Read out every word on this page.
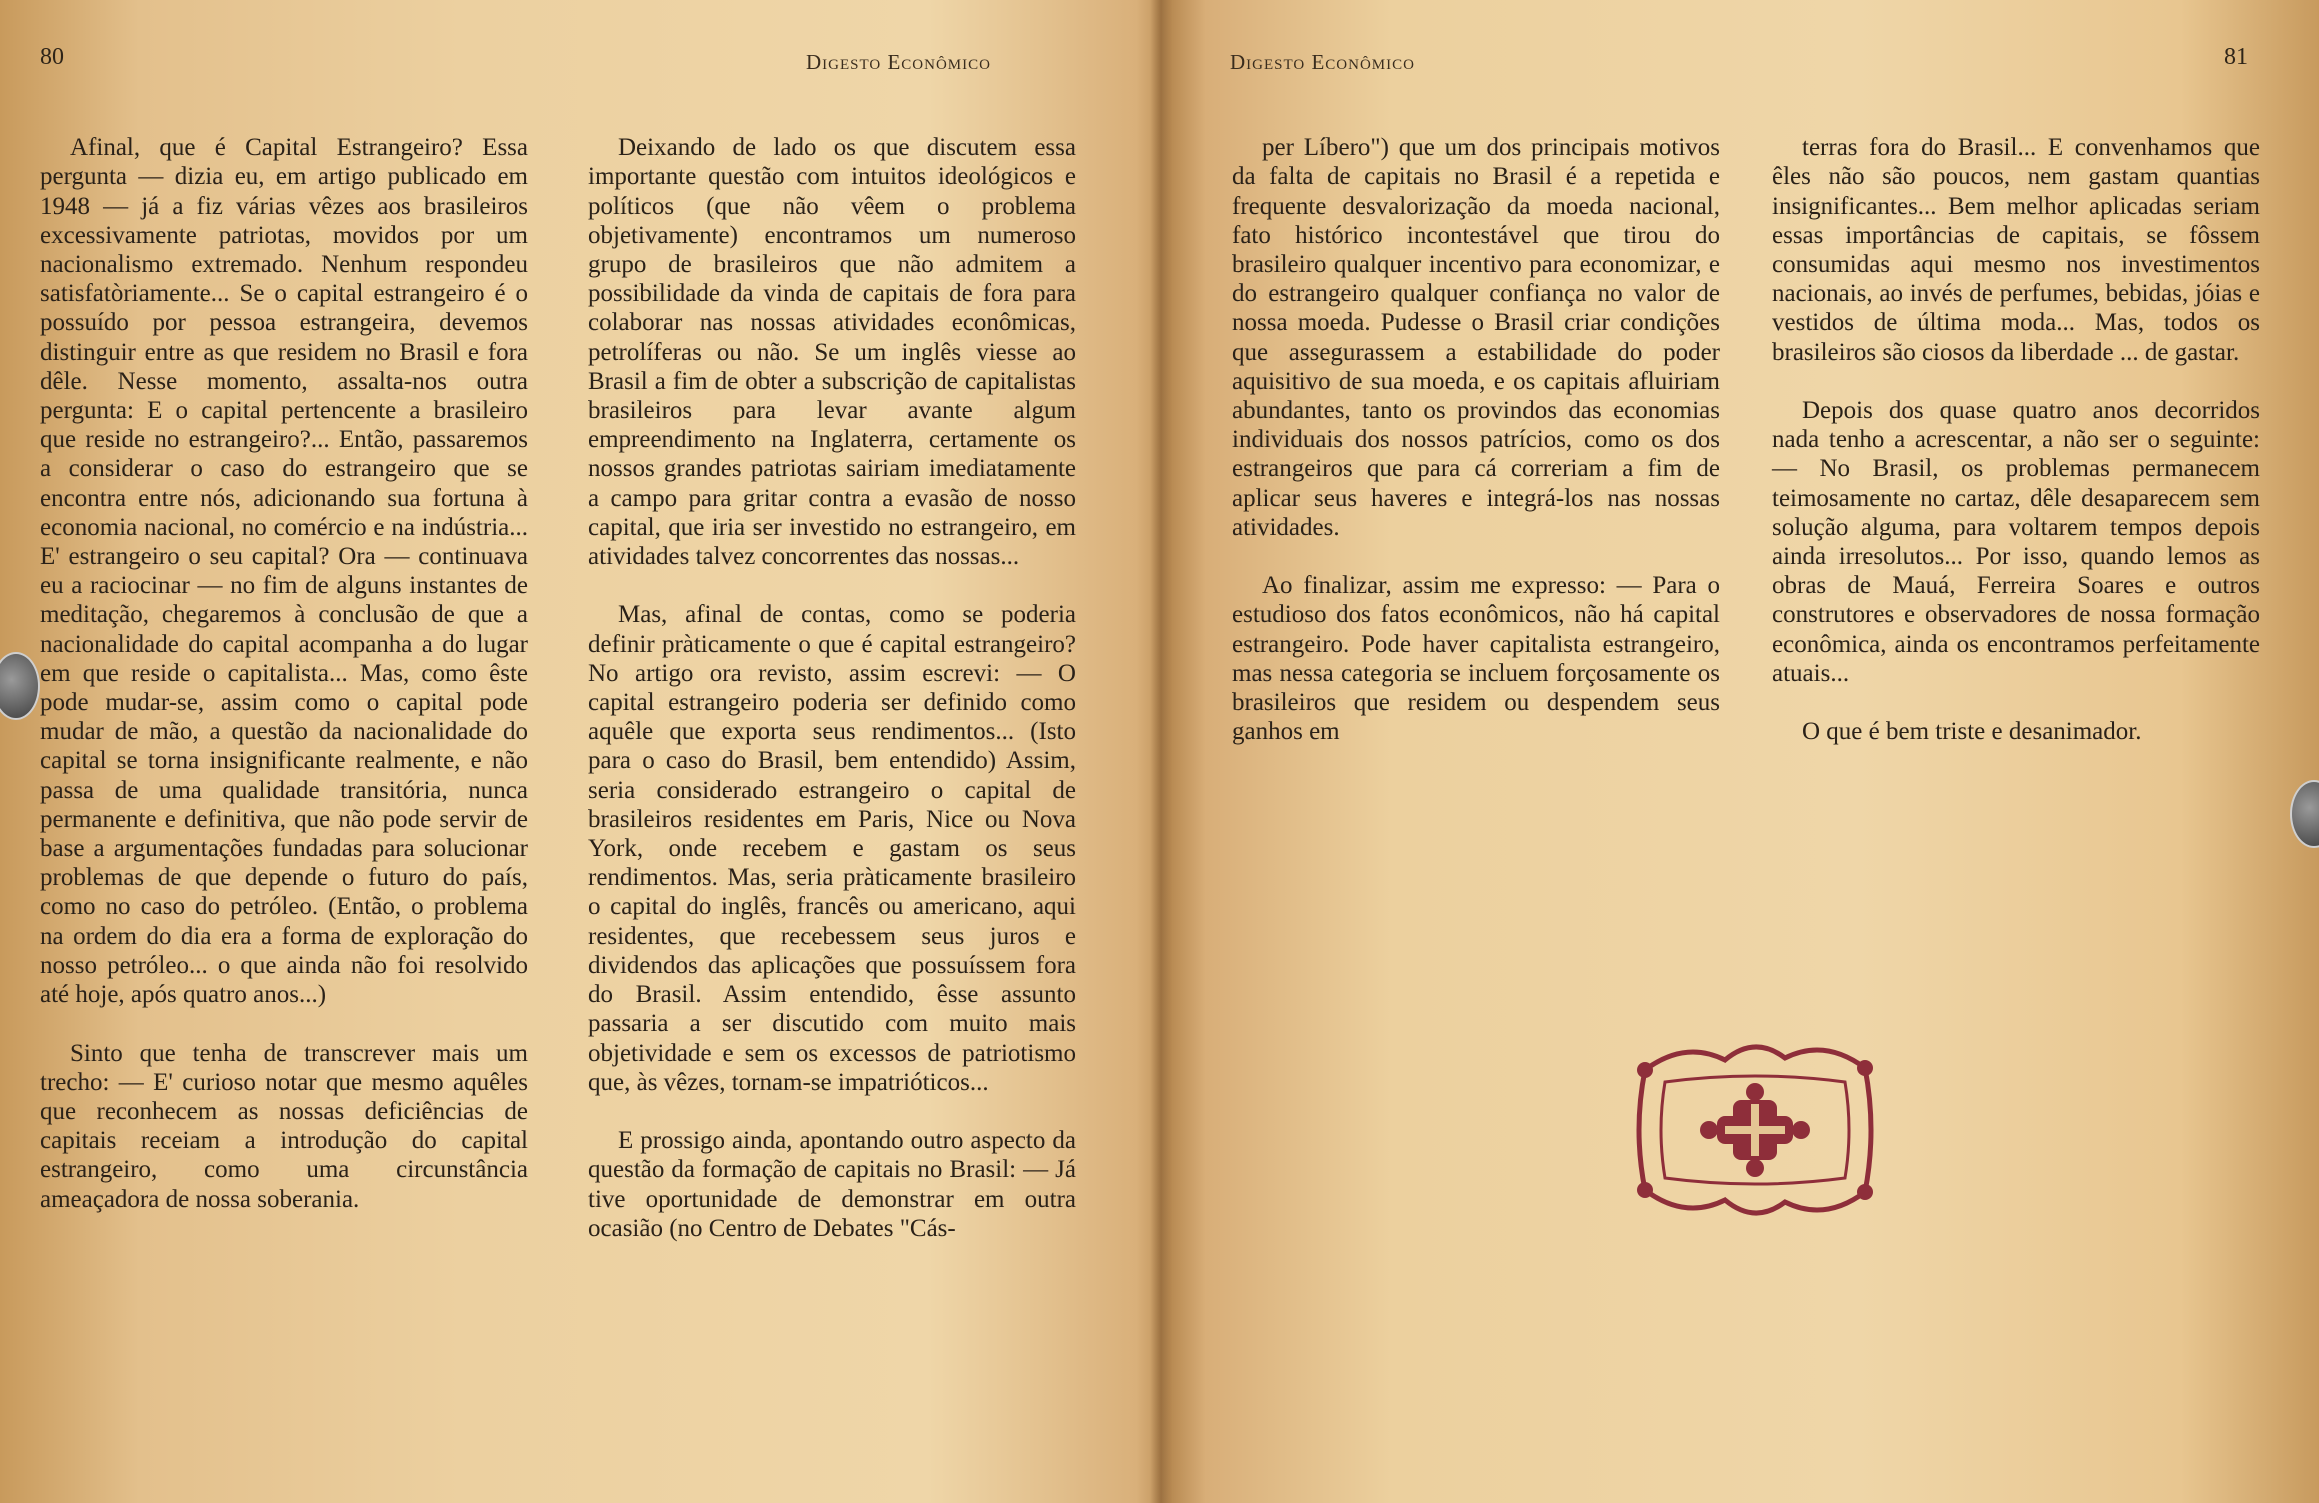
80	Digesto Econômico

Afinal, que é Capital Estrangeiro? Essa pergunta — dizia eu, em artigo publicado em 1948 — já a fiz várias vêzes aos brasileiros excessivamente patriotas, movidos por um nacionalismo extremado. Nenhum respondeu satisfatòriamente... Se o capital estrangeiro é o possuído por pessoa estrangeira, devemos distinguir entre as que residem no Brasil e fora dêle. Nesse momento, assalta-nos outra pergunta: E o capital pertencente a brasileiro que reside no estrangeiro?... Então, passaremos a considerar o caso do estrangeiro que se encontra entre nós, adicionando sua fortuna à economia nacional, no comércio e na indústria... E' estrangeiro o seu capital? Ora — continuava eu a raciocinar — no fim de alguns instantes de meditação, chegaremos à conclusão de que a nacionalidade do capital acompanha a do lugar em que reside o capitalista... Mas, como êste pode mudar-se, assim como o capital pode mudar de mão, a questão da nacionalidade do capital se torna insignificante realmente, e não passa de uma qualidade transitória, nunca permanente e definitiva, que não pode servir de base a argumentações fundadas para solucionar problemas de que depende o futuro do país, como no caso do petróleo. (Então, o problema na ordem do dia era a forma de exploração do nosso petróleo... o que ainda não foi resolvido até hoje, após quatro anos...)

Sinto que tenha de transcrever mais um trecho: — E' curioso notar que mesmo aquêles que reconhecem as nossas deficiências de capitais receiam a introdução do capital estrangeiro, como uma circunstância ameaçadora de nossa soberania.

Deixando de lado os que discutem essa importante questão com intuitos ideológicos e políticos (que não vêem o problema objetivamente) encontramos um numeroso grupo de brasileiros que não admitem a possibilidade da vinda de capitais de fora para colaborar nas nossas atividades econômicas, petrolíferas ou não. Se um inglês viesse ao Brasil a fim de obter a subscrição de capitalistas brasileiros para levar avante algum empreendimento na Inglaterra, certamente os nossos grandes patriotas sairiam imediatamente a campo para gritar contra a evasão de nosso capital, que iria ser investido no estrangeiro, em atividades talvez concorrentes das nossas...

Mas, afinal de contas, como se poderia definir pràticamente o que é capital estrangeiro? No artigo ora revisto, assim escrevi: — O capital estrangeiro poderia ser definido como aquêle que exporta seus rendimentos... (Isto para o caso do Brasil, bem entendido) Assim, seria considerado estrangeiro o capital de brasileiros residentes em Paris, Nice ou Nova York, onde recebem e gastam os seus rendimentos. Mas, seria pràticamente brasileiro o capital do inglês, francês ou americano, aqui residentes, que recebessem seus juros e dividendos das aplicações que possuíssem fora do Brasil. Assim entendido, êsse assunto passaria a ser discutido com muito mais objetividade e sem os excessos de patriotismo que, às vêzes, tornam-se impatrióticos...

E prossigo ainda, apontando outro aspecto da questão da formação de capitais no Brasil: — Já tive oportunidade de demonstrar em outra ocasião (no Centro de Debates "Cás-

Digesto Econômico	81

per Líbero") que um dos principais motivos da falta de capitais no Brasil é a repetida e frequente desvalorização da moeda nacional, fato histórico incontestável que tirou do brasileiro qualquer incentivo para economizar, e do estrangeiro qualquer confiança no valor de nossa moeda. Pudesse o Brasil criar condições que assegurassem a estabilidade do poder aquisitivo de sua moeda, e os capitais afluiriam abundantes, tanto os provindos das economias individuais dos nossos patrícios, como os dos estrangeiros que para cá correriam a fim de aplicar seus haveres e integrá-los nas nossas atividades.

Ao finalizar, assim me expresso: — Para o estudioso dos fatos econômicos, não há capital estrangeiro. Pode haver capitalista estrangeiro, mas nessa categoria se incluem forçosamente os brasileiros que residem ou despendem seus ganhos em

terras fora do Brasil... E convenhamos que êles não são poucos, nem gastam quantias insignificantes... Bem melhor aplicadas seriam essas importâncias de capitais, se fôssem consumidas aqui mesmo nos investimentos nacionais, ao invés de perfumes, bebidas, jóias e vestidos de última moda... Mas, todos os brasileiros são ciosos da liberdade ... de gastar.

Depois dos quase quatro anos decorridos nada tenho a acrescentar, a não ser o seguinte: — No Brasil, os problemas permanecem teimosamente no cartaz, dêle desaparecem sem solução alguma, para voltarem tempos depois ainda irresolutos... Por isso, quando lemos as obras de Mauá, Ferreira Soares e outros construtores e observadores de nossa formação econômica, ainda os encontramos perfeitamente atuais...

O que é bem triste e desanimador.
